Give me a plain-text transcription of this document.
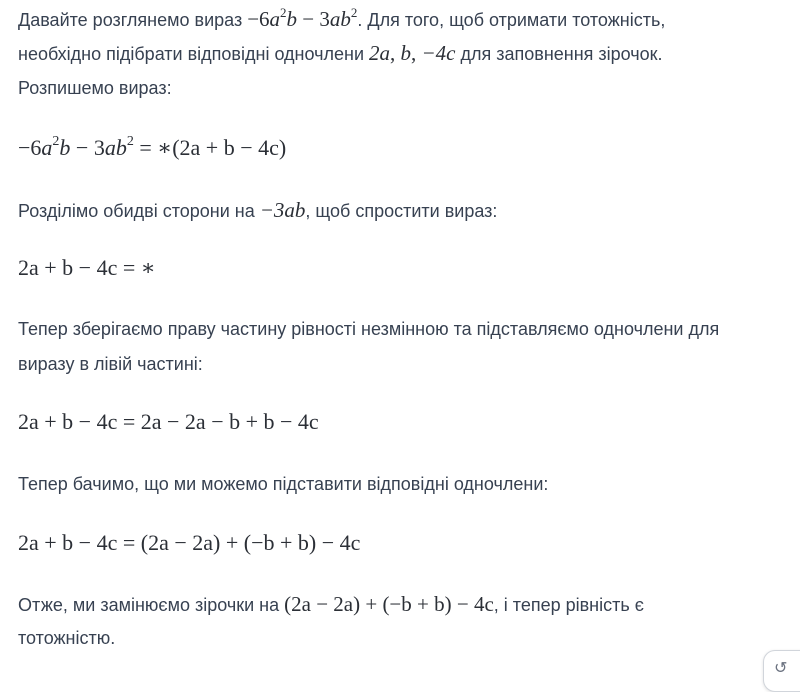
Давайте розглянемо вираз $-6a^2b - 3ab^2$. Для того, щоб отримати тотожність,
необхідно підібрати відповідні одночлени 2a, b, −4c для заповнення зірочок.
Розпишемо вираз:
$-6a^2b - 3ab^2$ = ∗(2a + b − 4c)
Розділімо обидві сторони на −3ab, щоб спростити вираз:
2a + b − 4c = ∗
Тепер зберігаємо праву частину рівності незмінною та підставляємо одночлени для
виразу в лівій частині:
2a + b − 4c = 2a − 2a − b + b − 4c
Тепер бачимо, що ми можемо підставити відповідні одночлени:
2a + b − 4c = (2a − 2a) + (−b + b) − 4c
Отже, ми замінюємо зірочки на (2a − 2a) + (−b + b) − 4c, і тепер рівність є
тотожністю.
↺
